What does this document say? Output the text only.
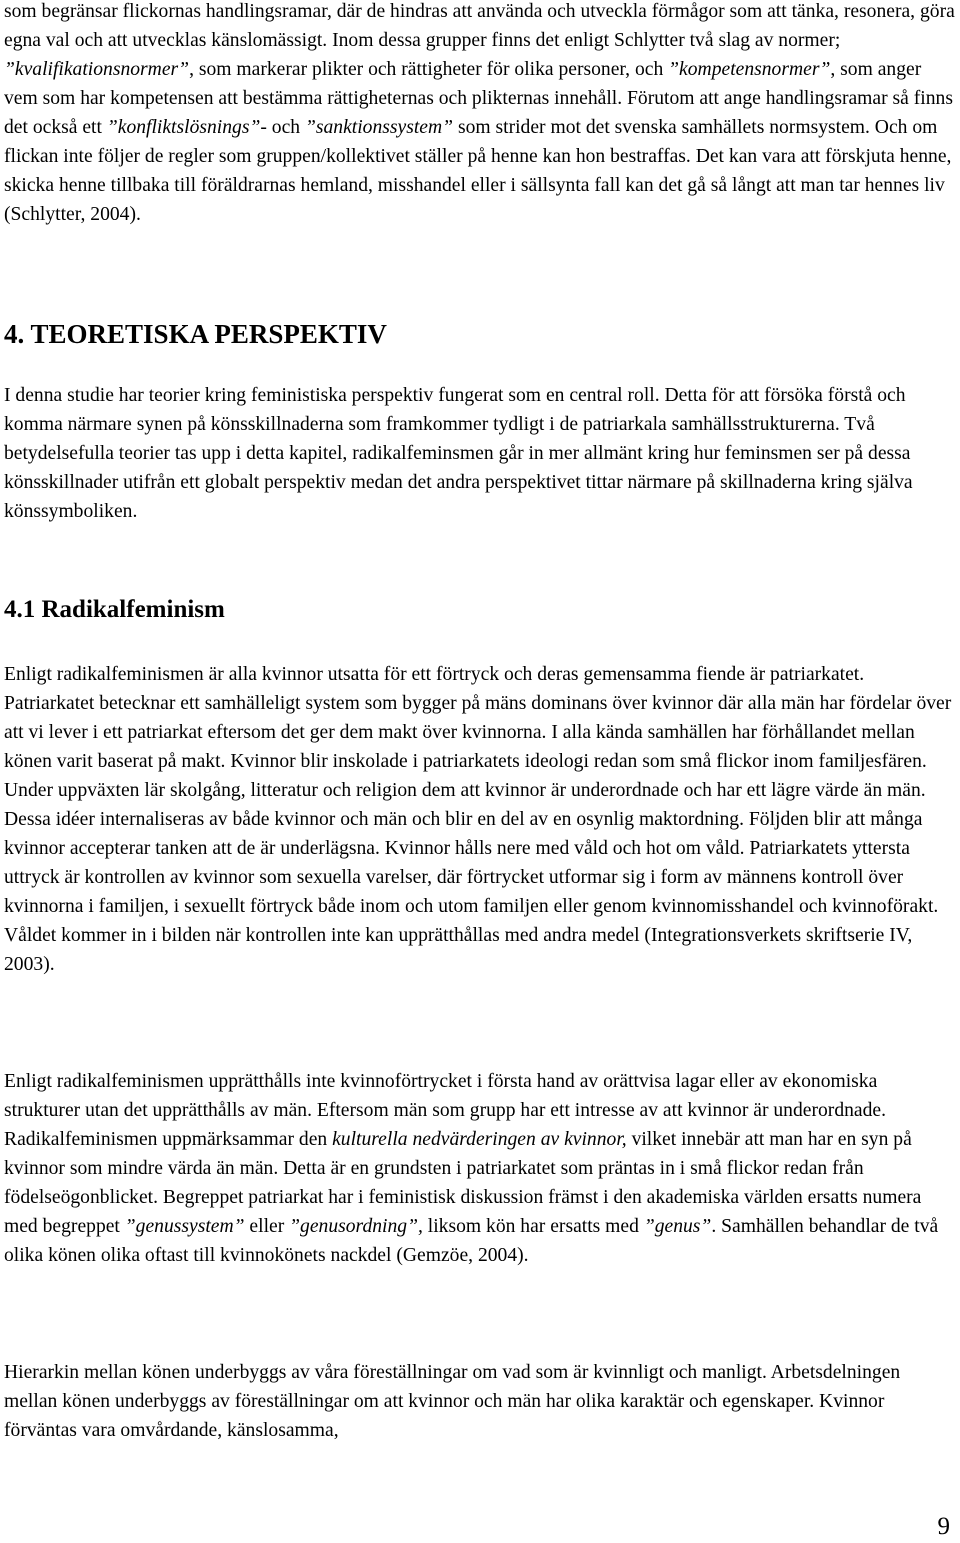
som begränsar flickornas handlingsramar, där de hindras att använda och utveckla förmågor som att tänka, resonera, göra egna val och att utvecklas känslomässigt. Inom dessa grupper finns det enligt Schlytter två slag av normer; ”kvalifikationsnormer”, som markerar plikter och rättigheter för olika personer, och ”kompetensnormer”, som anger vem som har kompetensen att bestämma rättigheternas och plikternas innehåll. Förutom att ange handlingsramar så finns det också ett ”konfliktslösnings”- och ”sanktionssystem” som strider mot det svenska samhällets normsystem. Och om flickan inte följer de regler som gruppen/kollektivet ställer på henne kan hon bestraffas. Det kan vara att förskjuta henne, skicka henne tillbaka till föräldrarnas hemland, misshandel eller i sällsynta fall kan det gå så långt att man tar hennes liv (Schlytter, 2004).

4. TEORETISKA PERSPEKTIV

I denna studie har teorier kring feministiska perspektiv fungerat som en central roll. Detta för att försöka förstå och komma närmare synen på könsskillnaderna som framkommer tydligt i de patriarkala samhällsstrukturerna. Två betydelsefulla teorier tas upp i detta kapitel, radikalfeminsmen går in mer allmänt kring hur feminsmen ser på dessa könsskillnader utifrån ett globalt perspektiv medan det andra perspektivet tittar närmare på skillnaderna kring själva könssymboliken.

4.1 Radikalfeminism

Enligt radikalfeminismen är alla kvinnor utsatta för ett förtryck och deras gemensamma fiende är patriarkatet. Patriarkatet betecknar ett samhälleligt system som bygger på mäns dominans över kvinnor där alla män har fördelar över att vi lever i ett patriarkat eftersom det ger dem makt över kvinnorna. I alla kända samhällen har förhållandet mellan könen varit baserat på makt. Kvinnor blir inskolade i patriarkatets ideologi redan som små flickor inom familjesfären. Under uppväxten lär skolgång, litteratur och religion dem att kvinnor är underordnade och har ett lägre värde än män. Dessa idéer internaliseras av både kvinnor och män och blir en del av en osynlig maktordning. Följden blir att många kvinnor accepterar tanken att de är underlägsna. Kvinnor hålls nere med våld och hot om våld. Patriarkatets yttersta uttryck är kontrollen av kvinnor som sexuella varelser, där förtrycket utformar sig i form av männens kontroll över kvinnorna i familjen, i sexuellt förtryck både inom och utom familjen eller genom kvinnomisshandel och kvinnoförakt. Våldet kommer in i bilden när kontrollen inte kan upprätthållas med andra medel (Integrationsverkets skriftserie IV, 2003).

Enligt radikalfeminismen upprätthålls inte kvinnoförtrycket i första hand av orättvisa lagar eller av ekonomiska strukturer utan det upprätthålls av män. Eftersom män som grupp har ett intresse av att kvinnor är underordnade. Radikalfeminismen uppmärksammar den kulturella nedvärderingen av kvinnor, vilket innebär att man har en syn på kvinnor som mindre värda än män. Detta är en grundsten i patriarkatet som präntas in i små flickor redan från födelseögonblicket. Begreppet patriarkat har i feministisk diskussion främst i den akademiska världen ersatts numera med begreppet ”genussystem” eller ”genusordning”, liksom kön har ersatts med ”genus”. Samhällen behandlar de två olika könen olika oftast till kvinnokönets nackdel (Gemzöe, 2004).

Hierarkin mellan könen underbyggs av våra föreställningar om vad som är kvinnligt och manligt. Arbetsdelningen mellan könen underbyggs av föreställningar om att kvinnor och män har olika karaktär och egenskaper. Kvinnor förväntas vara omvårdande, känslosamma,

9
